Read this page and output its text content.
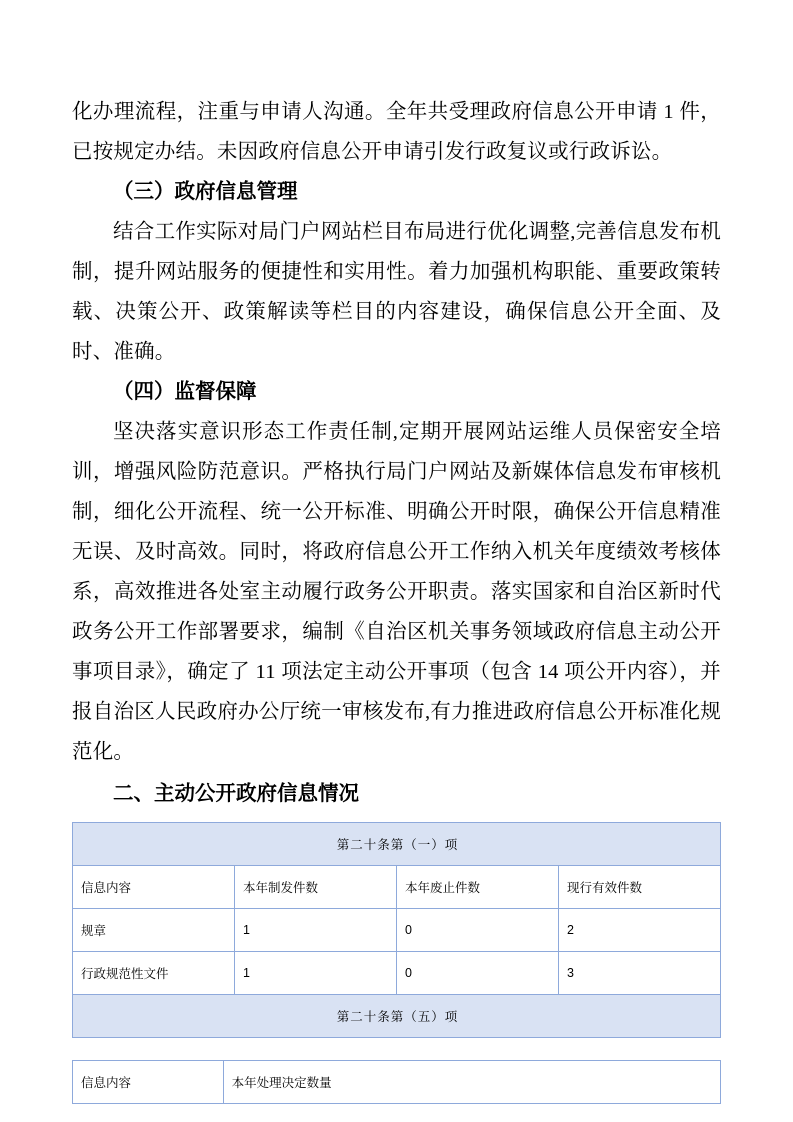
化办理流程，注重与申请人沟通。全年共受理政府信息公开申请 1 件，已按规定办结。未因政府信息公开申请引发行政复议或行政诉讼。

（三）政府信息管理

结合工作实际对局门户网站栏目布局进行优化调整,完善信息发布机制，提升网站服务的便捷性和实用性。着力加强机构职能、重要政策转载、决策公开、政策解读等栏目的内容建设，确保信息公开全面、及时、准确。

（四）监督保障

坚决落实意识形态工作责任制,定期开展网站运维人员保密安全培训，增强风险防范意识。严格执行局门户网站及新媒体信息发布审核机制，细化公开流程、统一公开标准、明确公开时限，确保公开信息精准无误、及时高效。同时，将政府信息公开工作纳入机关年度绩效考核体系，高效推进各处室主动履行政务公开职责。落实国家和自治区新时代政务公开工作部署要求，编制《自治区机关事务领域政府信息主动公开事项目录》，确定了 11 项法定主动公开事项（包含 14 项公开内容），并报自治区人民政府办公厅统一审核发布,有力推进政府信息公开标准化规范化。

二、主动公开政府信息情况
第二十条第（一）项			
信息内容	本年制发件数	本年废止件数	现行有效件数
规章	1	0	2
行政规范性文件	1	0	3
第二十条第（五）项			
信息内容	本年处理决定数量
